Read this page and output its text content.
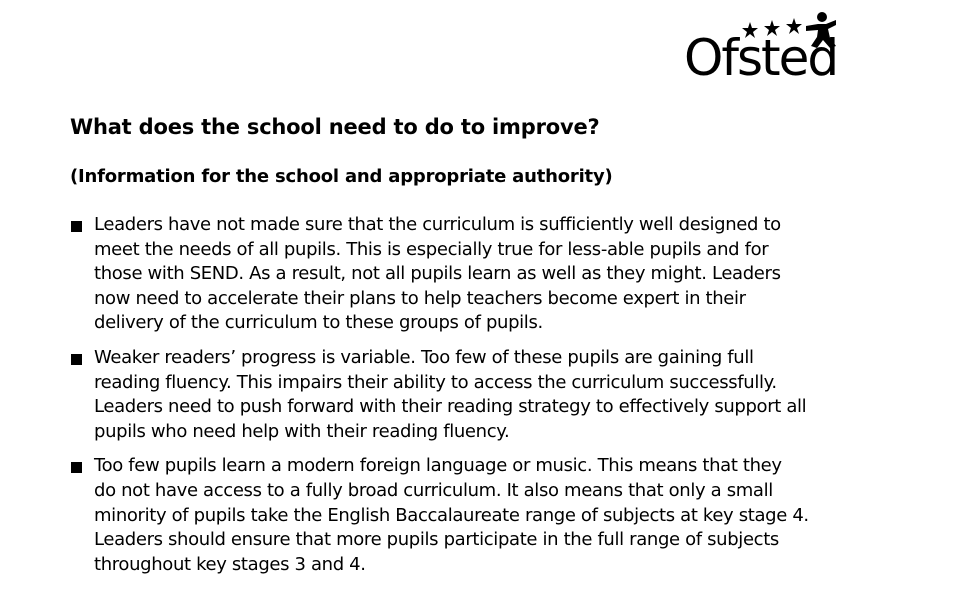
Ofsted
What does the school need to do to improve?
(Information for the school and appropriate authority)
Leaders have not made sure that the curriculum is sufficiently well designed to
meet the needs of all pupils. This is especially true for less-able pupils and for
those with SEND. As a result, not all pupils learn as well as they might. Leaders
now need to accelerate their plans to help teachers become expert in their
delivery of the curriculum to these groups of pupils.
Weaker readers’ progress is variable. Too few of these pupils are gaining full
reading fluency. This impairs their ability to access the curriculum successfully.
Leaders need to push forward with their reading strategy to effectively support all
pupils who need help with their reading fluency.
Too few pupils learn a modern foreign language or music. This means that they
do not have access to a fully broad curriculum. It also means that only a small
minority of pupils take the English Baccalaureate range of subjects at key stage 4.
Leaders should ensure that more pupils participate in the full range of subjects
throughout key stages 3 and 4.
